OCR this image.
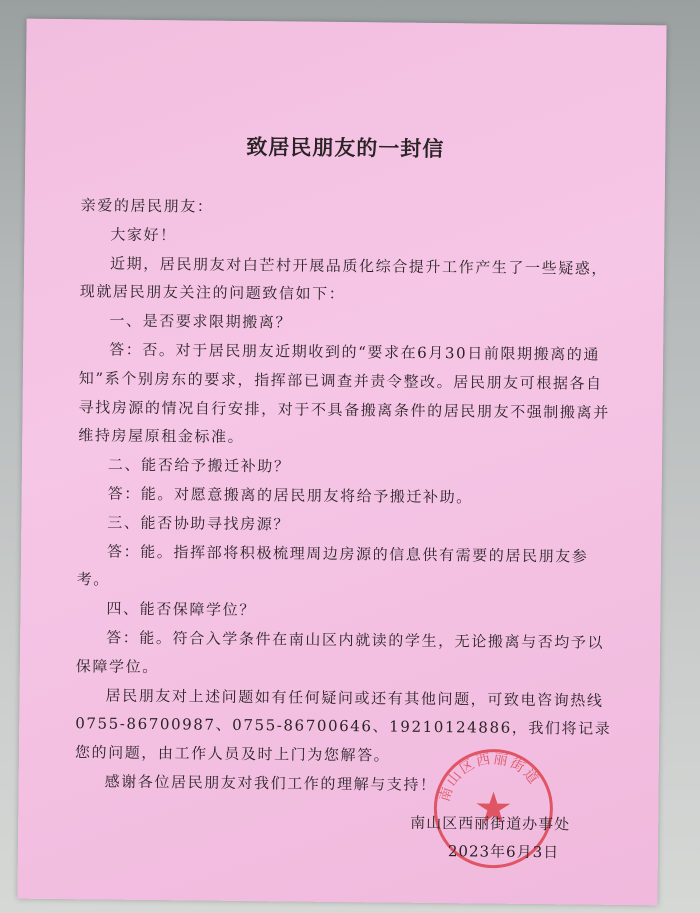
致居民朋友的一封信

亲爱的居民朋友：

大家好！

近期，居民朋友对白芒村开展品质化综合提升工作产生了一些疑惑，现就居民朋友关注的问题致信如下：

一、是否要求限期搬离？

答：否。对于居民朋友近期收到的“要求在6月30日前限期搬离的通知”系个别房东的要求，指挥部已调查并责令整改。居民朋友可根据各自寻找房源的情况自行安排，对于不具备搬离条件的居民朋友不强制搬离并维持房屋原租金标准。

二、能否给予搬迁补助？

答：能。对愿意搬离的居民朋友将给予搬迁补助。

三、能否协助寻找房源？

答：能。指挥部将积极梳理周边房源的信息供有需要的居民朋友参考。

四、能否保障学位？

答：能。符合入学条件在南山区内就读的学生，无论搬离与否均予以保障学位。

居民朋友对上述问题如有任何疑问或还有其他问题，可致电咨询热线0755-86700987、0755-86700646、19210124886，我们将记录您的问题，由工作人员及时上门为您解答。

感谢各位居民朋友对我们工作的理解与支持！ 南山区西丽街道
南山区西丽街道办事处
2023年6月3日
